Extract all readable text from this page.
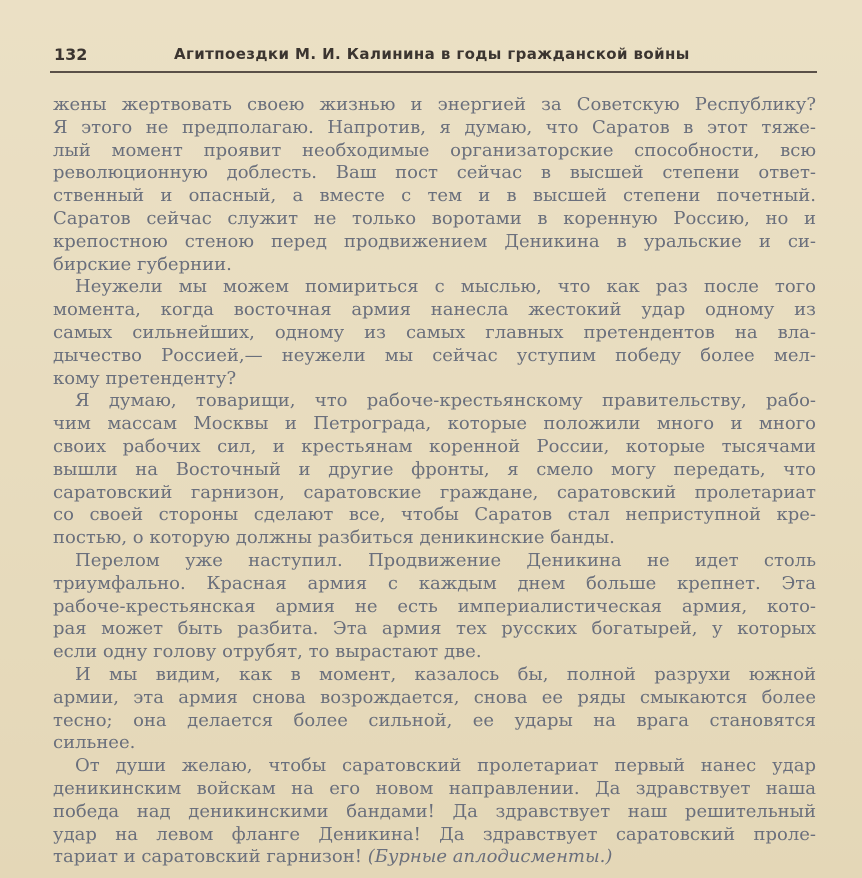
132	Агитпоездки М. И. Калинина в годы гражданской войны
жены жертвовать своею жизнью и энергией за Советскую Республику?
Я этого не предполагаю. Напротив, я думаю, что Саратов в этот тяже-
лый момент проявит необходимые организаторские способности, всю
революционную доблесть. Ваш пост сейчас в высшей степени ответ-
ственный и опасный, а вместе с тем и в высшей степени почетный.
Саратов сейчас служит не только воротами в коренную Россию, но и
крепостною стеною перед продвижением Деникина в уральские и си-
бирские губернии.
Неужели мы можем помириться с мыслью, что как раз после того
момента, когда восточная армия нанесла жестокий удар одному из
самых сильнейших, одному из самых главных претендентов на вла-
дычество Россией,— неужели мы сейчас уступим победу более мел-
кому претенденту?
Я думаю, товарищи, что рабоче-крестьянскому правительству, рабо-
чим массам Москвы и Петрограда, которые положили много и много
своих рабочих сил, и крестьянам коренной России, которые тысячами
вышли на Восточный и другие фронты, я смело могу передать, что
саратовский гарнизон, саратовские граждане, саратовский пролетариат
со своей стороны сделают все, чтобы Саратов стал неприступной кре-
постью, о которую должны разбиться деникинские банды.
Перелом уже наступил. Продвижение Деникина не идет столь
триумфально. Красная армия с каждым днем больше крепнет. Эта
рабоче-крестьянская армия не есть империалистическая армия, кото-
рая может быть разбита. Эта армия тех русских богатырей, у которых
если одну голову отрубят, то вырастают две.
И мы видим, как в момент, казалось бы, полной разрухи южной
армии, эта армия снова возрождается, снова ее ряды смыкаются более
тесно; она делается более сильной, ее удары на врага становятся
сильнее.
От души желаю, чтобы саратовский пролетариат первый нанес удар
деникинским войскам на его новом направлении. Да здравствует наша
победа над деникинскими бандами! Да здравствует наш решительный
удар на левом фланге Деникина! Да здравствует саратовский проле-
тариат и саратовский гарнизон! (Бурные аплодисменты.)
